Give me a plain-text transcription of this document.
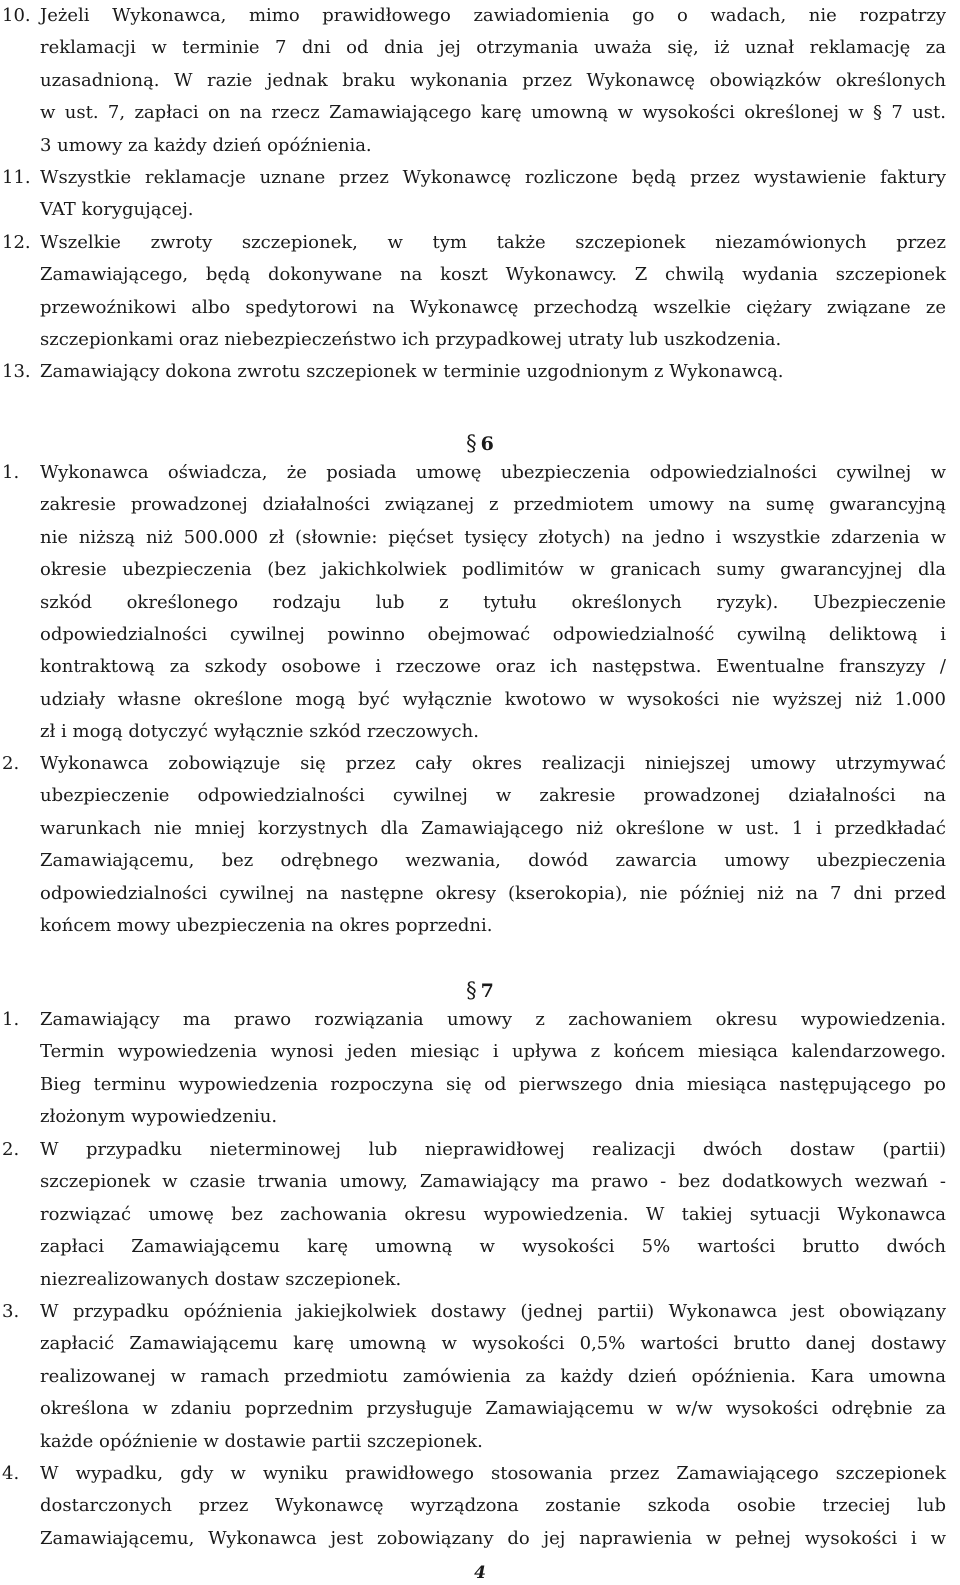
10. Jeżeli Wykonawca, mimo prawidłowego zawiadomienia go o wadach, nie rozpatrzy
reklamacji w terminie 7 dni od dnia jej otrzymania uważa się, iż uznał reklamację za
uzasadnioną. W razie jednak braku wykonania przez Wykonawcę obowiązków określonych
w ust. 7, zapłaci on na rzecz Zamawiającego karę umowną w wysokości określonej w § 7 ust.
3 umowy za każdy dzień opóźnienia.
11. Wszystkie reklamacje uznane przez Wykonawcę rozliczone będą przez wystawienie faktury
VAT korygującej.
12. Wszelkie zwroty szczepionek, w tym także szczepionek niezamówionych przez
Zamawiającego, będą dokonywane na koszt Wykonawcy. Z chwilą wydania szczepionek
przewoźnikowi albo spedytorowi na Wykonawcę przechodzą wszelkie ciężary związane ze
szczepionkami oraz niebezpieczeństwo ich przypadkowej utraty lub uszkodzenia.
13. Zamawiający dokona zwrotu szczepionek w terminie uzgodnionym z Wykonawcą.
§ 6
1. Wykonawca oświadcza, że posiada umowę ubezpieczenia odpowiedzialności cywilnej w
zakresie prowadzonej działalności związanej z przedmiotem umowy na sumę gwarancyjną
nie niższą niż 500.000 zł (słownie: pięćset tysięcy złotych) na jedno i wszystkie zdarzenia w
okresie ubezpieczenia (bez jakichkolwiek podlimitów w granicach sumy gwarancyjnej dla
szkód określonego rodzaju lub z tytułu określonych ryzyk). Ubezpieczenie
odpowiedzialności cywilnej powinno obejmować odpowiedzialność cywilną deliktową i
kontraktową za szkody osobowe i rzeczowe oraz ich następstwa. Ewentualne franszyzy /
udziały własne określone mogą być wyłącznie kwotowo w wysokości nie wyższej niż 1.000
zł i mogą dotyczyć wyłącznie szkód rzeczowych.
2. Wykonawca zobowiązuje się przez cały okres realizacji niniejszej umowy utrzymywać
ubezpieczenie odpowiedzialności cywilnej w zakresie prowadzonej działalności na
warunkach nie mniej korzystnych dla Zamawiającego niż określone w ust. 1 i przedkładać
Zamawiającemu, bez odrębnego wezwania, dowód zawarcia umowy ubezpieczenia
odpowiedzialności cywilnej na następne okresy (kserokopia), nie później niż na 7 dni przed
końcem mowy ubezpieczenia na okres poprzedni.
§ 7
1. Zamawiający ma prawo rozwiązania umowy z zachowaniem okresu wypowiedzenia.
Termin wypowiedzenia wynosi jeden miesiąc i upływa z końcem miesiąca kalendarzowego.
Bieg terminu wypowiedzenia rozpoczyna się od pierwszego dnia miesiąca następującego po
złożonym wypowiedzeniu.
2. W przypadku nieterminowej lub nieprawidłowej realizacji dwóch dostaw (partii)
szczepionek w czasie trwania umowy, Zamawiający ma prawo - bez dodatkowych wezwań -
rozwiązać umowę bez zachowania okresu wypowiedzenia. W takiej sytuacji Wykonawca
zapłaci Zamawiającemu karę umowną w wysokości 5% wartości brutto dwóch
niezrealizowanych dostaw szczepionek.
3. W przypadku opóźnienia jakiejkolwiek dostawy (jednej partii) Wykonawca jest obowiązany
zapłacić Zamawiającemu karę umowną w wysokości 0,5% wartości brutto danej dostawy
realizowanej w ramach przedmiotu zamówienia za każdy dzień opóźnienia. Kara umowna
określona w zdaniu poprzednim przysługuje Zamawiającemu w w/w wysokości odrębnie za
każde opóźnienie w dostawie partii szczepionek.
4. W wypadku, gdy w wyniku prawidłowego stosowania przez Zamawiającego szczepionek
dostarczonych przez Wykonawcę wyrządzona zostanie szkoda osobie trzeciej lub
Zamawiającemu, Wykonawca jest zobowiązany do jej naprawienia w pełnej wysokości i w
4
